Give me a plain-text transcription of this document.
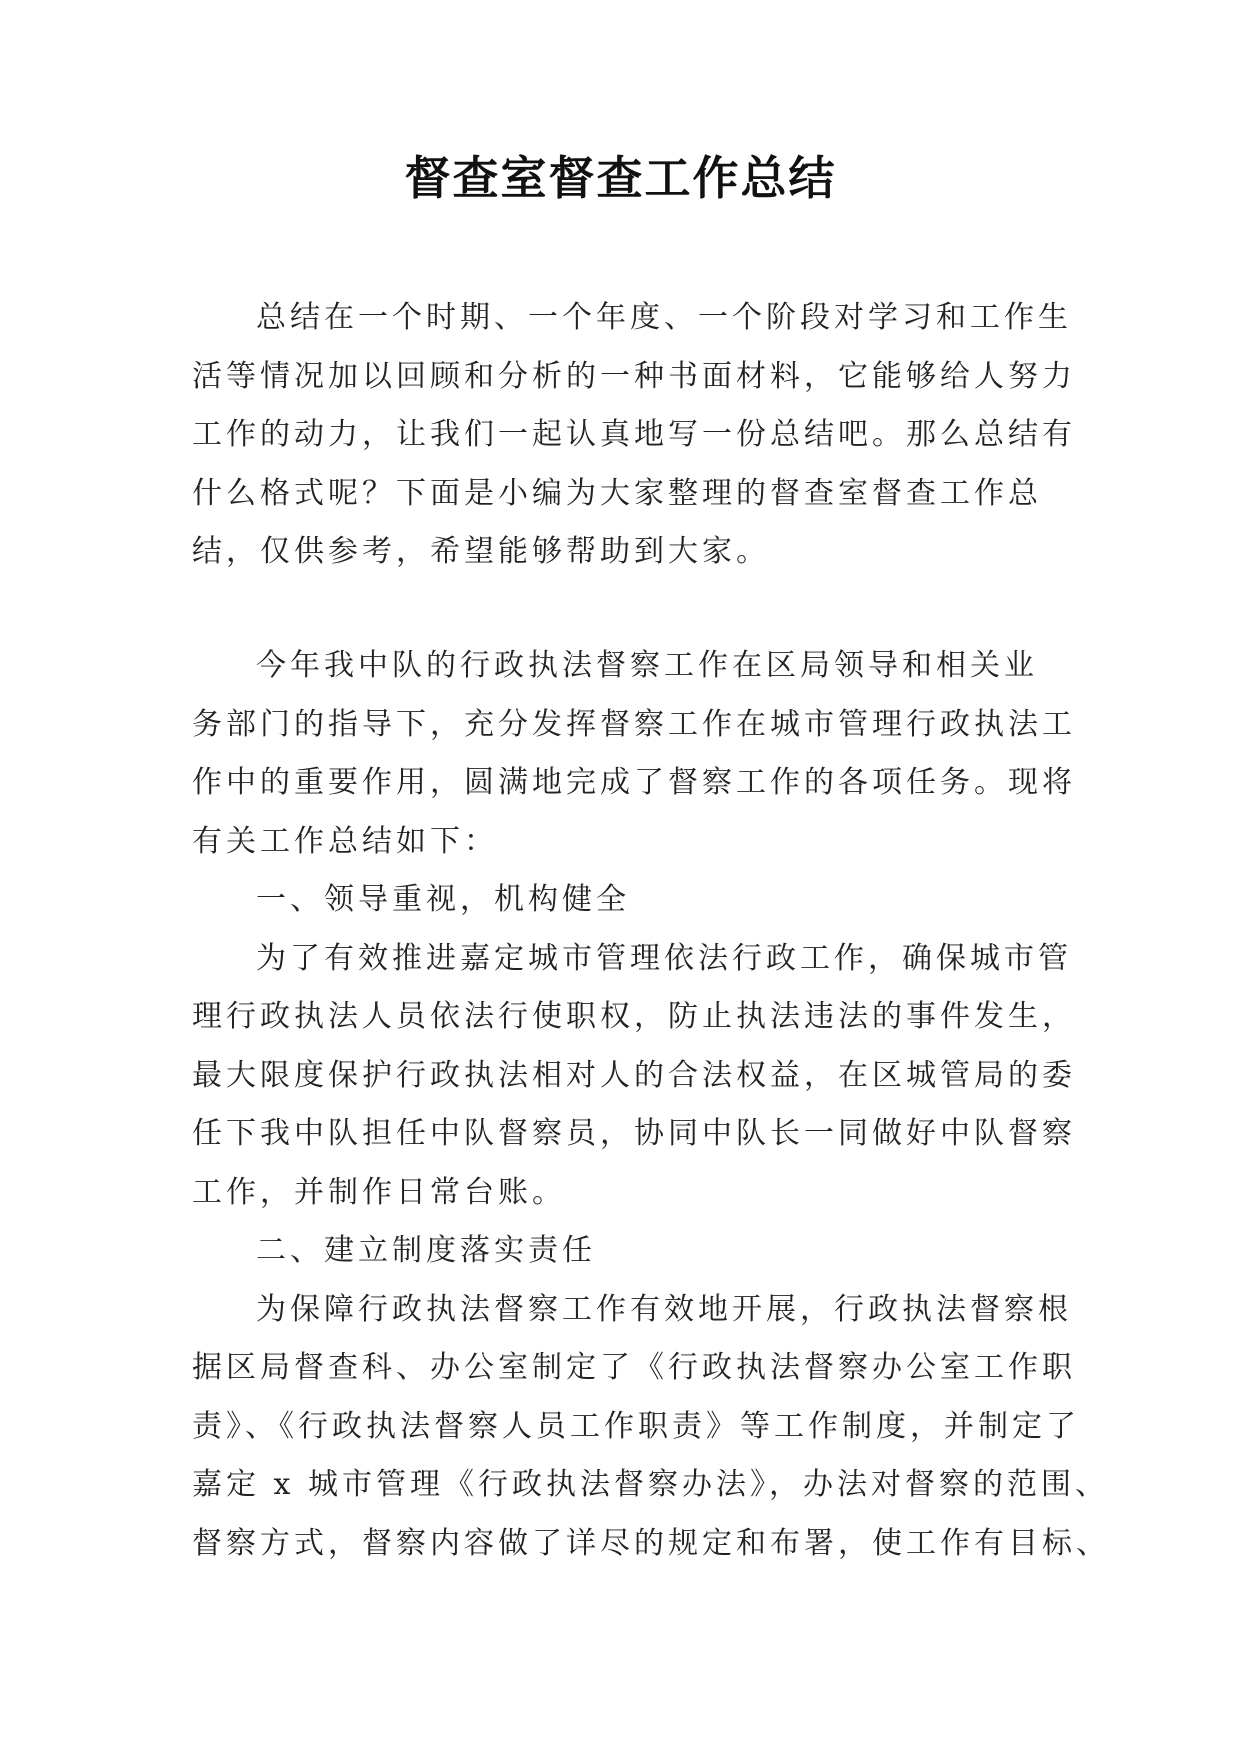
督查室督查工作总结
总结在一个时期、一个年度、一个阶段对学习和工作生
活等情况加以回顾和分析的一种书面材料，它能够给人努力
工作的动力，让我们一起认真地写一份总结吧。那么总结有
什么格式呢？下面是小编为大家整理的督查室督查工作总
结，仅供参考，希望能够帮助到大家。
今年我中队的行政执法督察工作在区局领导和相关业
务部门的指导下，充分发挥督察工作在城市管理行政执法工
作中的重要作用，圆满地完成了督察工作的各项任务。现将
有关工作总结如下：
一、领导重视，机构健全
为了有效推进嘉定城市管理依法行政工作，确保城市管
理行政执法人员依法行使职权，防止执法违法的事件发生，
最大限度保护行政执法相对人的合法权益，在区城管局的委
任下我中队担任中队督察员，协同中队长一同做好中队督察
工作，并制作日常台账。
二、建立制度落实责任
为保障行政执法督察工作有效地开展，行政执法督察根
据区局督查科、办公室制定了《行政执法督察办公室工作职
责》、《行政执法督察人员工作职责》等工作制度，并制定了
嘉定 x 城市管理《行政执法督察办法》，办法对督察的范围、
督察方式，督察内容做了详尽的规定和布署，使工作有目标、
